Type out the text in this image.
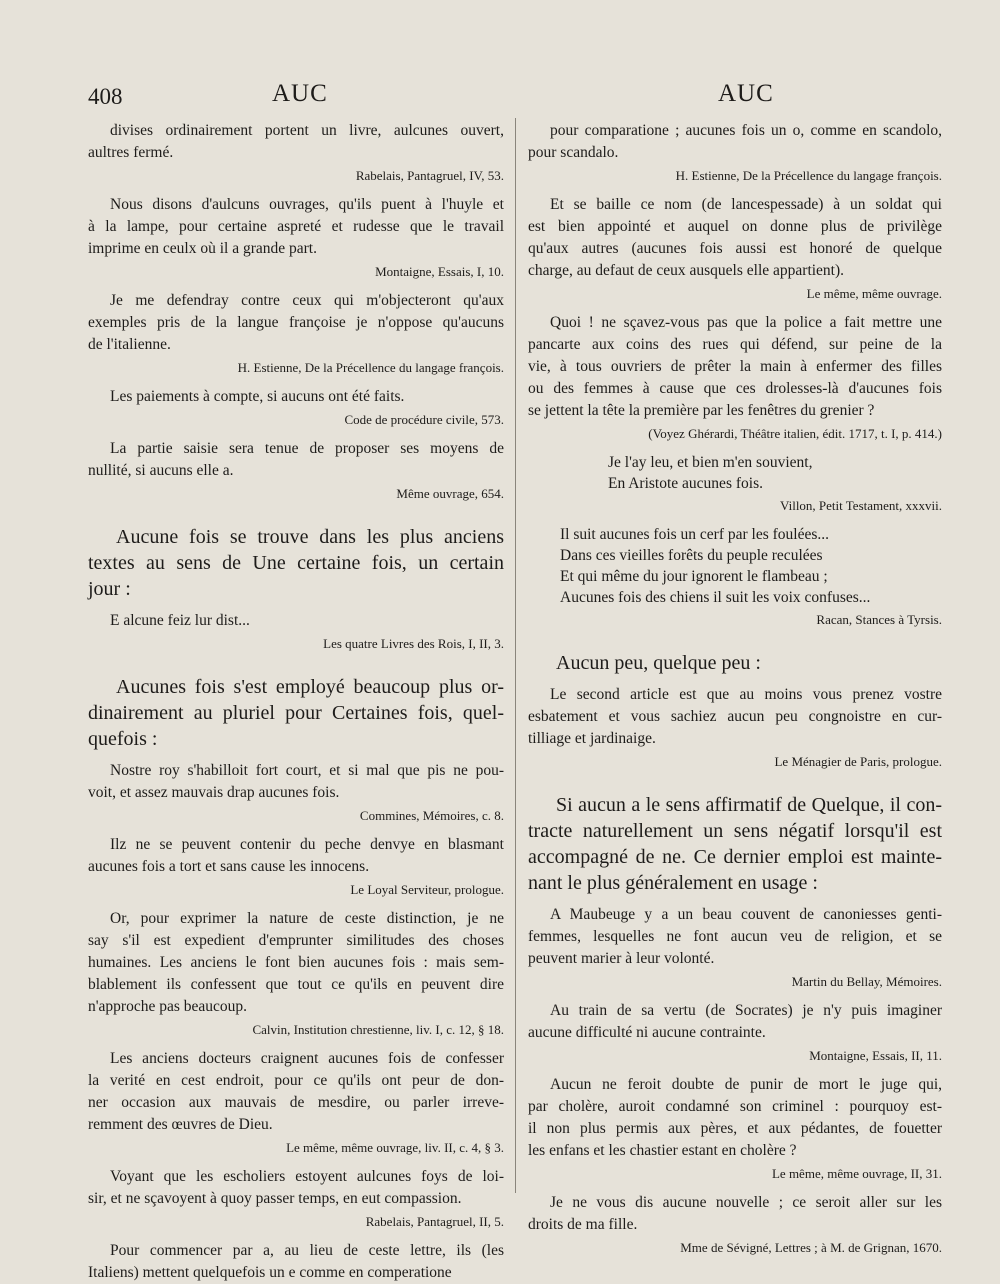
408	AUC	AUC
divises ordinairement portent un livre, aulcunes ouvert,
aultres fermé.
Rabelais, Pantagruel, IV, 53.
Nous disons d'aulcuns ouvrages, qu'ils puent à l'huyle et
à la lampe, pour certaine aspreté et rudesse que le travail
imprime en ceulx où il a grande part.
Montaigne, Essais, I, 10.
Je me defendray contre ceux qui m'objecteront qu'aux
exemples pris de la langue françoise je n'oppose qu'aucuns
de l'italienne.
H. Estienne, De la Précellence du langage françois.
Les paiements à compte, si aucuns ont été faits.
Code de procédure civile, 573.
La partie saisie sera tenue de proposer ses moyens de
nullité, si aucuns elle a.
Même ouvrage, 654.
Aucune fois se trouve dans les plus anciens
textes au sens de Une certaine fois, un certain
jour :
E alcune feiz lur dist...
Les quatre Livres des Rois, I, II, 3.
Aucunes fois s'est employé beaucoup plus or-
dinairement au pluriel pour Certaines fois, quel-
quefois :
Nostre roy s'habilloit fort court, et si mal que pis ne pou-
voit, et assez mauvais drap aucunes fois.
Commines, Mémoires, c. 8.
Ilz ne se peuvent contenir du peche denvye en blasmant
aucunes fois a tort et sans cause les innocens.
Le Loyal Serviteur, prologue.
Or, pour exprimer la nature de ceste distinction, je ne
say s'il est expedient d'emprunter similitudes des choses
humaines. Les anciens le font bien aucunes fois : mais sem-
blablement ils confessent que tout ce qu'ils en peuvent dire
n'approche pas beaucoup.
Calvin, Institution chrestienne, liv. I, c. 12, § 18.
Les anciens docteurs craignent aucunes fois de confesser
la verité en cest endroit, pour ce qu'ils ont peur de don-
ner occasion aux mauvais de mesdire, ou parler irreve-
remment des œuvres de Dieu.
Le même, même ouvrage, liv. II, c. 4, § 3.
Voyant que les escholiers estoyent aulcunes foys de loi-
sir, et ne sçavoyent à quoy passer temps, en eut compassion.
Rabelais, Pantagruel, II, 5.
Pour commencer par a, au lieu de ceste lettre, ils (les
Italiens) mettent quelquefois un e comme en comperatione
pour comparatione ; aucunes fois un o, comme en scandolo,
pour scandalo.
H. Estienne, De la Précellence du langage françois.
Et se baille ce nom (de lancespessade) à un soldat qui
est bien appointé et auquel on donne plus de privilège
qu'aux autres (aucunes fois aussi est honoré de quelque
charge, au defaut de ceux ausquels elle appartient).
Le même, même ouvrage.
Quoi ! ne sçavez-vous pas que la police a fait mettre une
pancarte aux coins des rues qui défend, sur peine de la
vie, à tous ouvriers de prêter la main à enfermer des filles
ou des femmes à cause que ces drolesses-là d'aucunes fois
se jettent la tête la première par les fenêtres du grenier ?
(Voyez Ghérardi, Théâtre italien, édit. 1717, t. I, p. 414.)
Je l'ay leu, et bien m'en souvient,
En Aristote aucunes fois.
Villon, Petit Testament, xxxvii.
Il suit aucunes fois un cerf par les foulées...
Dans ces vieilles forêts du peuple reculées
Et qui même du jour ignorent le flambeau ;
Aucunes fois des chiens il suit les voix confuses...
Racan, Stances à Tyrsis.
Aucun peu, quelque peu :
Le second article est que au moins vous prenez vostre
esbatement et vous sachiez aucun peu congnoistre en cur-
tilliage et jardinaige.
Le Ménagier de Paris, prologue.
Si aucun a le sens affirmatif de Quelque, il con-
tracte naturellement un sens négatif lorsqu'il est
accompagné de ne. Ce dernier emploi est mainte-
nant le plus généralement en usage :
A Maubeuge y a un beau couvent de canoniesses genti-
femmes, lesquelles ne font aucun veu de religion, et se
peuvent marier à leur volonté.
Martin du Bellay, Mémoires.
Au train de sa vertu (de Socrates) je n'y puis imaginer
aucune difficulté ni aucune contrainte.
Montaigne, Essais, II, 11.
Aucun ne feroit doubte de punir de mort le juge qui,
par cholère, auroit condamné son criminel : pourquoy est-
il non plus permis aux pères, et aux pédantes, de fouetter
les enfans et les chastier estant en cholère ?
Le même, même ouvrage, II, 31.
Je ne vous dis aucune nouvelle ; ce seroit aller sur les
droits de ma fille.
Mme de Sévigné, Lettres ; à M. de Grignan, 1670.
